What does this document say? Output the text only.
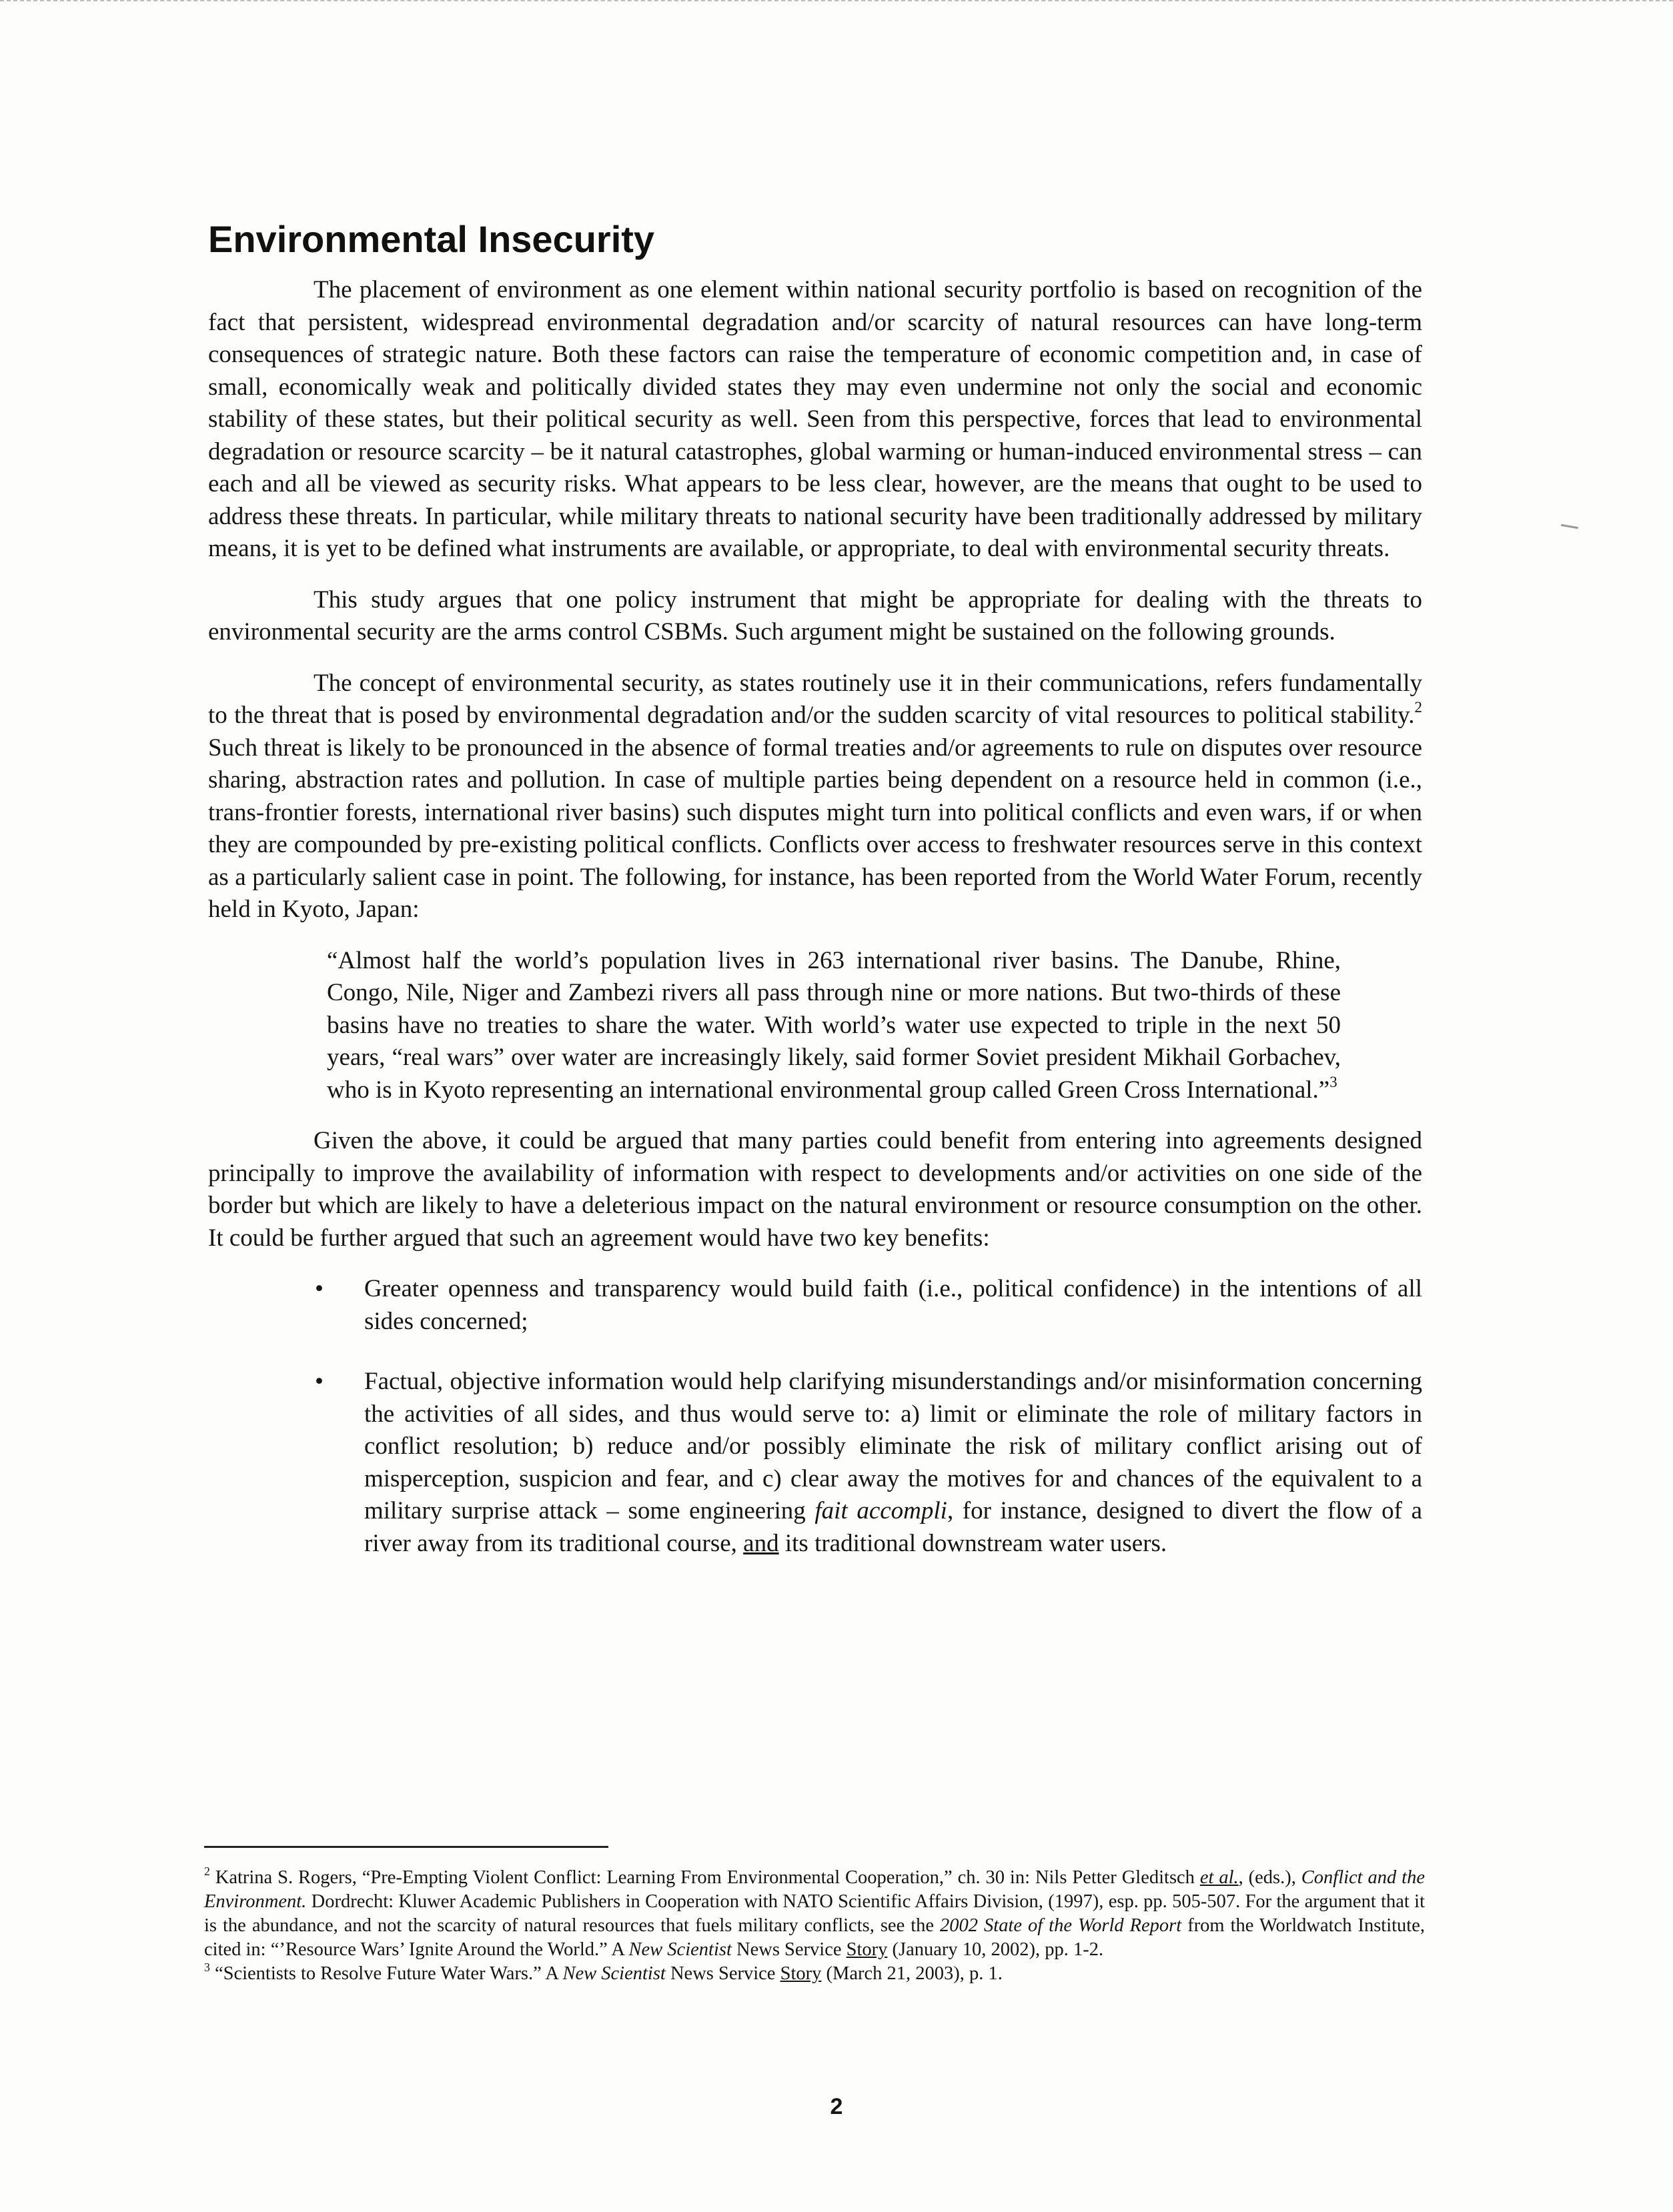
Environmental Insecurity

The placement of environment as one element within national security portfolio is based on recognition of the fact that persistent, widespread environmental degradation and/or scarcity of natural resources can have long-term consequences of strategic nature. Both these factors can raise the temperature of economic competition and, in case of small, economically weak and politically divided states they may even undermine not only the social and economic stability of these states, but their political security as well. Seen from this perspective, forces that lead to environmental degradation or resource scarcity – be it natural catastrophes, global warming or human-induced environmental stress – can each and all be viewed as security risks. What appears to be less clear, however, are the means that ought to be used to address these threats. In particular, while military threats to national security have been traditionally addressed by military means, it is yet to be defined what instruments are available, or appropriate, to deal with environmental security threats.

This study argues that one policy instrument that might be appropriate for dealing with the threats to environmental security are the arms control CSBMs. Such argument might be sustained on the following grounds.

The concept of environmental security, as states routinely use it in their communications, refers fundamentally to the threat that is posed by environmental degradation and/or the sudden scarcity of vital resources to political stability.$^2$ Such threat is likely to be pronounced in the absence of formal treaties and/or agreements to rule on disputes over resource sharing, abstraction rates and pollution. In case of multiple parties being dependent on a resource held in common (i.e., trans-frontier forests, international river basins) such disputes might turn into political conflicts and even wars, if or when they are compounded by pre-existing political conflicts. Conflicts over access to freshwater resources serve in this context as a particularly salient case in point. The following, for instance, has been reported from the World Water Forum, recently held in Kyoto, Japan:

“Almost half the world’s population lives in 263 international river basins. The Danube, Rhine, Congo, Nile, Niger and Zambezi rivers all pass through nine or more nations. But two-thirds of these basins have no treaties to share the water. With world’s water use expected to triple in the next 50 years, “real wars” over water are increasingly likely, said former Soviet president Mikhail Gorbachev, who is in Kyoto representing an international environmental group called Green Cross International.”$^3$

Given the above, it could be argued that many parties could benefit from entering into agreements designed principally to improve the availability of information with respect to developments and/or activities on one side of the border but which are likely to have a deleterious impact on the natural environment or resource consumption on the other. It could be further argued that such an agreement would have two key benefits:

• Greater openness and transparency would build faith (i.e., political confidence) in the intentions of all sides concerned;
• Factual, objective information would help clarifying misunderstandings and/or misinformation concerning the activities of all sides, and thus would serve to: a) limit or eliminate the role of military factors in conflict resolution; b) reduce and/or possibly eliminate the risk of military conflict arising out of misperception, suspicion and fear, and c) clear away the motives for and chances of the equivalent to a military surprise attack – some engineering fait accompli, for instance, designed to divert the flow of a river away from its traditional course, and its traditional downstream water users.

$^2$ Katrina S. Rogers, “Pre-Empting Violent Conflict: Learning From Environmental Cooperation,” ch. 30 in: Nils Petter Gleditsch et al., (eds.), Conflict and the Environment. Dordrecht: Kluwer Academic Publishers in Cooperation with NATO Scientific Affairs Division, (1997), esp. pp. 505-507. For the argument that it is the abundance, and not the scarcity of natural resources that fuels military conflicts, see the 2002 State of the World Report from the Worldwatch Institute, cited in: “’Resource Wars’ Ignite Around the World.” A New Scientist News Service Story (January 10, 2002), pp. 1-2.

$^3$ “Scientists to Resolve Future Water Wars.” A New Scientist News Service Story (March 21, 2003), p. 1.

2
